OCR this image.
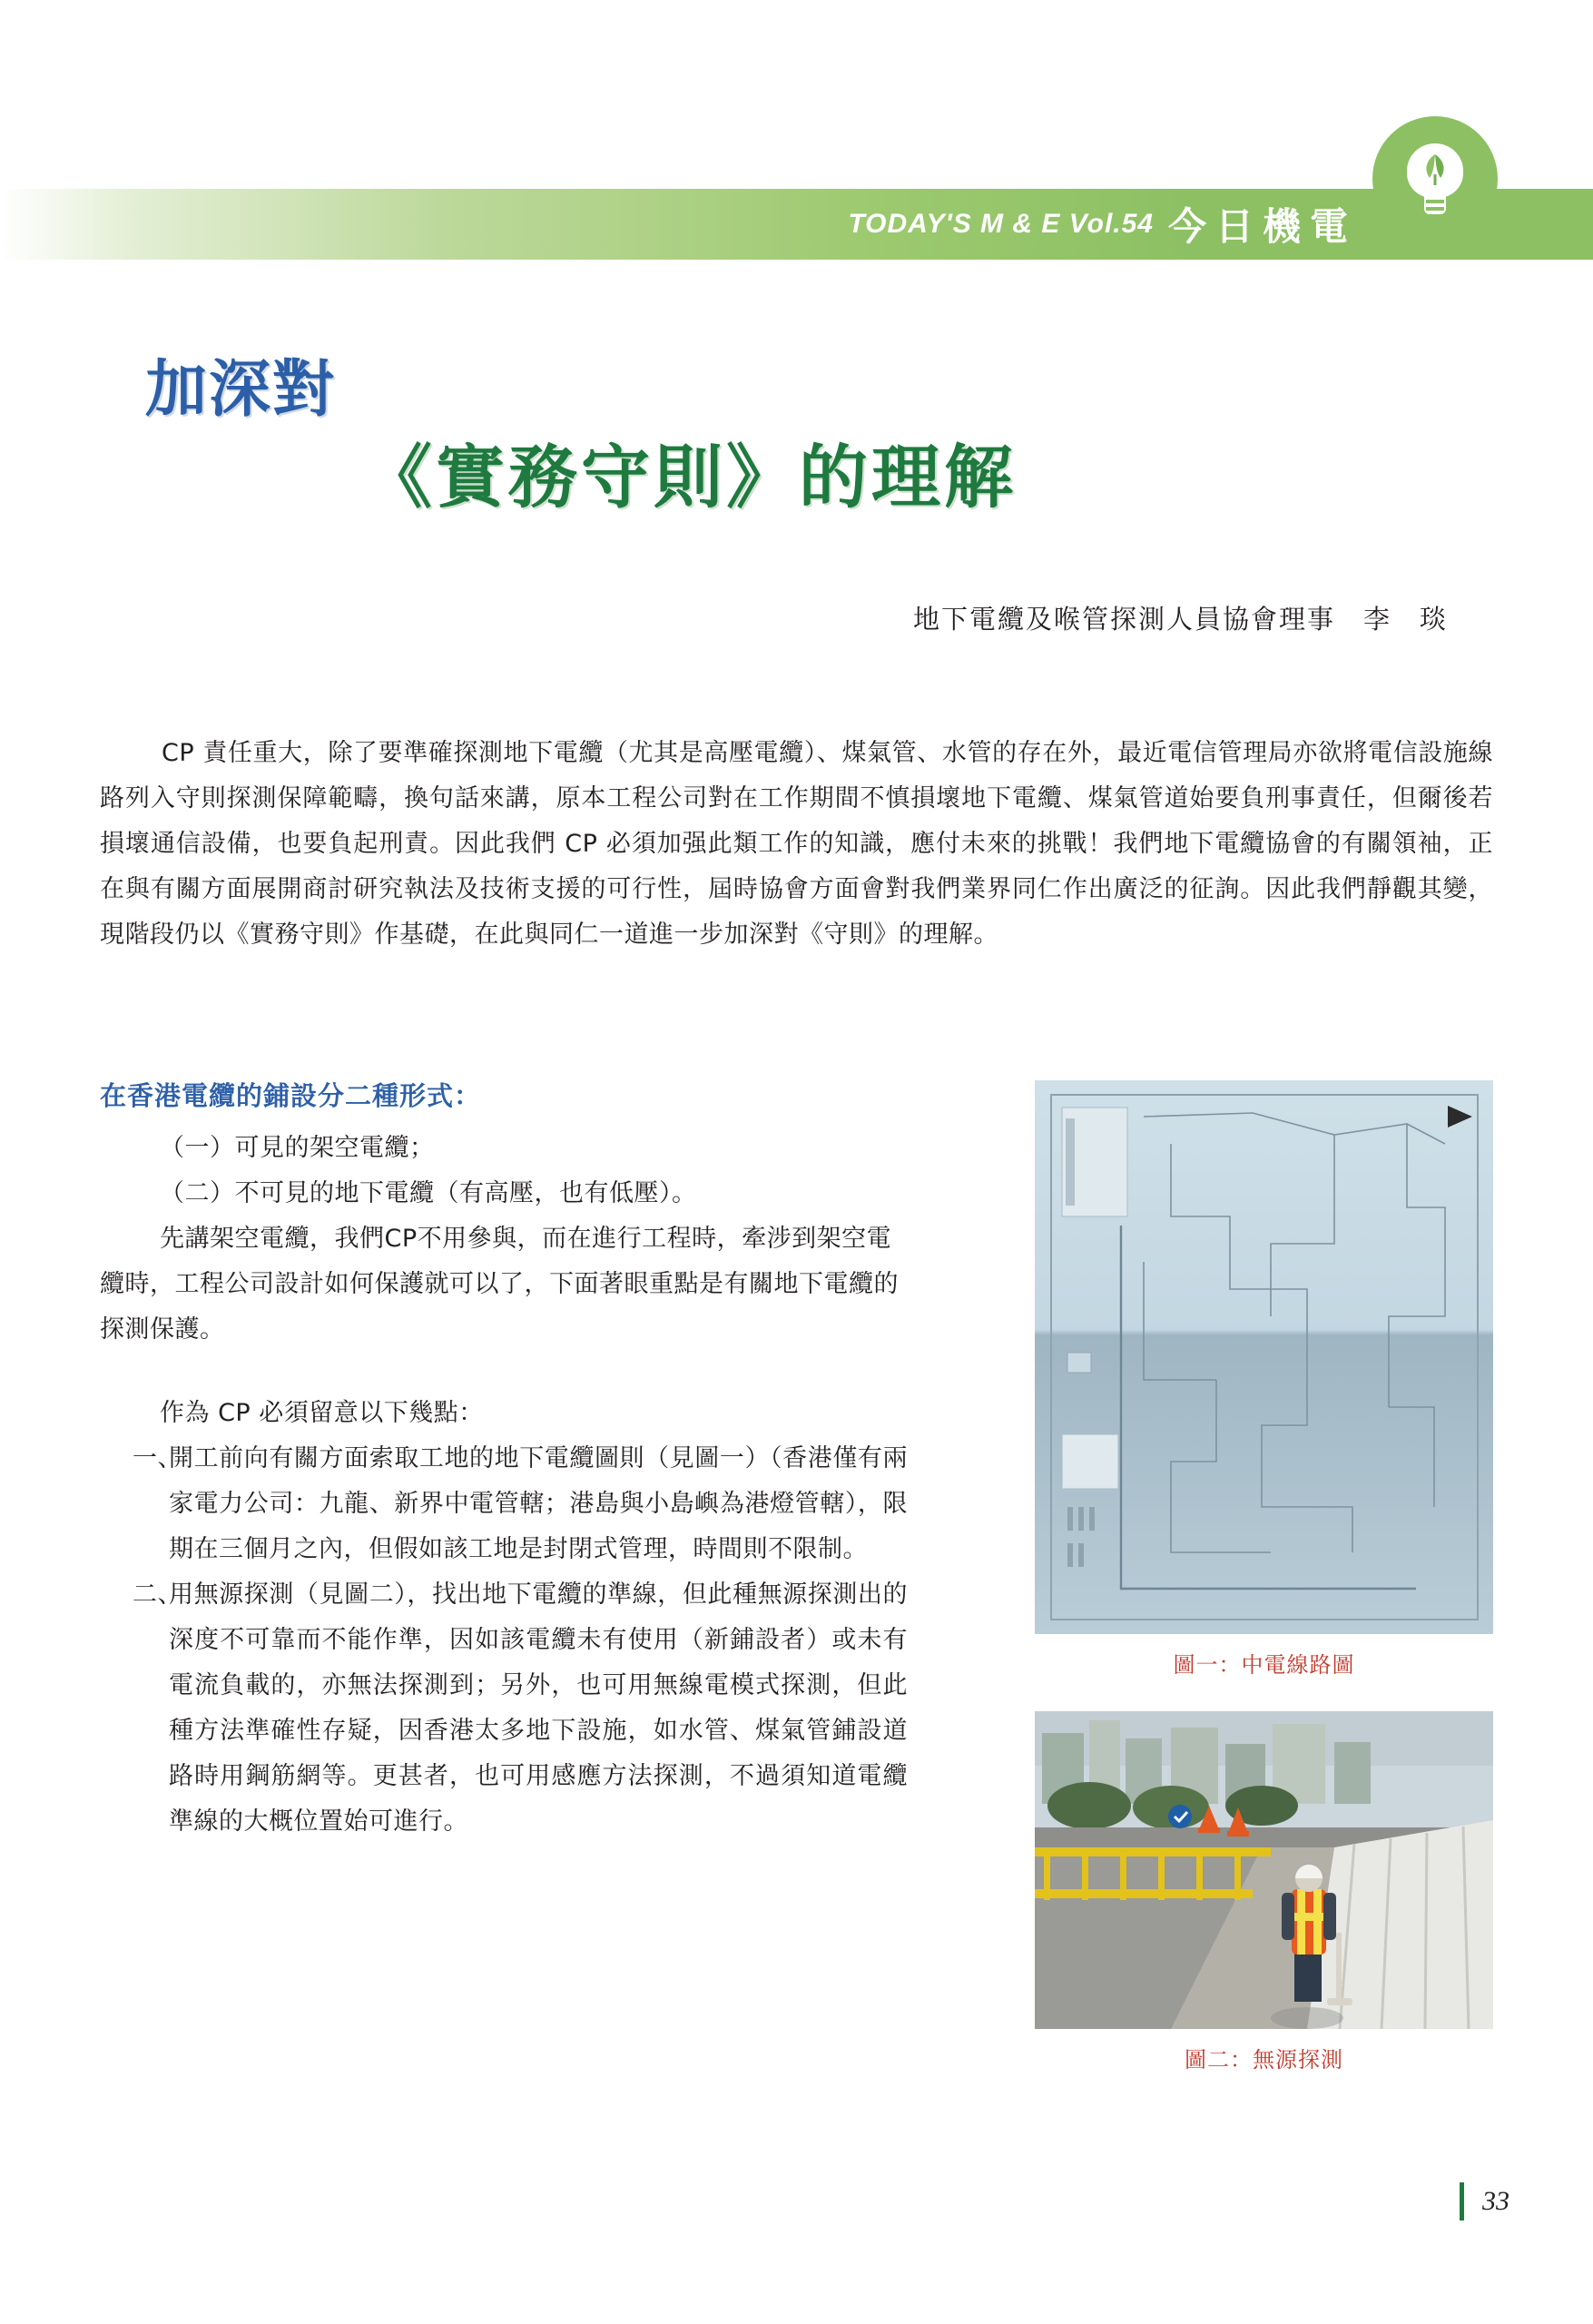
TODAY'S M & E Vol.54 今日機電
加深對
《實務守則》的理解
地下電纜及喉管探測人員協會理事　李　琰
CP 責任重大，除了要準確探測地下電纜（尤其是高壓電纜）、煤氣管、水管的存在外，最近電信管理局亦欲將電信設施線路列入守則探測保障範疇，換句話來講，原本工程公司對在工作期間不慎損壞地下電纜、煤氣管道始要負刑事責任，但爾後若損壞通信設備，也要負起刑責。因此我們 CP 必須加强此類工作的知識，應付未來的挑戰！我們地下電纜協會的有關領袖，正在與有關方面展開商討研究執法及技術支援的可行性，屆時協會方面會對我們業界同仁作出廣泛的征詢。因此我們靜觀其變，現階段仍以《實務守則》作基礎，在此與同仁一道進一步加深對《守則》的理解。
在香港電纜的鋪設分二種形式：

（一）可見的架空電纜；

（二）不可見的地下電纜（有高壓，也有低壓）。

先講架空電纜，我們CP不用參與，而在進行工程時，牽涉到架空電纜時，工程公司設計如何保護就可以了，下面著眼重點是有關地下電纜的探測保護。

作為 CP 必須留意以下幾點：

一、
開工前向有關方面索取工地的地下電纜圖則（見圖一）（香港僅有兩家電力公司：九龍、新界中電管轄；港島與小島嶼為港燈管轄），限期在三個月之內，但假如該工地是封閉式管理，時間則不限制。
二、
用無源探測（見圖二），找出地下電纜的準線，但此種無源探測出的深度不可靠而不能作準，因如該電纜未有使用（新鋪設者）或未有電流負載的，亦無法探測到；另外，也可用無線電模式探測，但此種方法準確性存疑，因香港太多地下設施，如水管、煤氣管鋪設道路時用鋼筋網等。更甚者，也可用感應方法探測，不過須知道電纜準線的大概位置始可進行。
圖一：中電線路圖
圖二：無源探測
33
